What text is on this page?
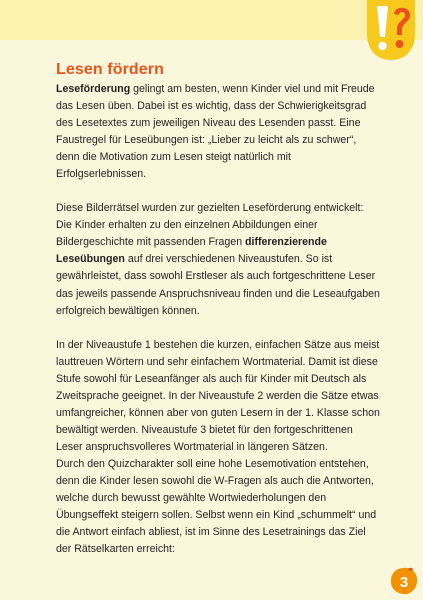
Lesen fördern

Leseförderung gelingt am besten, wenn Kinder viel und mit Freude das Lesen üben. Dabei ist es wichtig, dass der Schwierigkeitsgrad des Lesetextes zum jeweiligen Niveau des Lesenden passt. Eine Faustregel für Leseübungen ist: „Lieber zu leicht als zu schwer“, denn die Motivation zum Lesen steigt natürlich mit Erfolgserlebnissen.

Diese Bilderrätsel wurden zur gezielten Leseförderung entwickelt: Die Kinder erhalten zu den einzelnen Abbildungen einer Bildergeschichte mit passenden Fragen differenzierende Leseübungen auf drei verschiedenen Niveaustufen. So ist gewährleistet, dass sowohl Erstleser als auch fortgeschrittene Leser das jeweils passende Anspruchsniveau finden und die Leseaufgaben erfolgreich bewältigen können.

In der Niveaustufe 1 bestehen die kurzen, einfachen Sätze aus meist lauttreuen Wörtern und sehr einfachem Wortmaterial. Damit ist diese Stufe sowohl für Leseanfänger als auch für Kinder mit Deutsch als Zweitsprache geeignet. In der Niveaustufe 2 werden die Sätze etwas umfangreicher, können aber von guten Lesern in der 1. Klasse schon bewältigt werden. Niveaustufe 3 bietet für den fortgeschrittenen Leser anspruchsvolleres Wortmaterial in längeren Sätzen.

Durch den Quizcharakter soll eine hohe Lesemotivation entstehen, denn die Kinder lesen sowohl die W-Fragen als auch die Antworten, welche durch bewusst gewählte Wortwiederholungen den Übungseffekt steigern sollen. Selbst wenn ein Kind „schummelt“ und die Antwort einfach abliest, ist im Sinne des Lesetrainings das Ziel der Rätselkarten erreicht:

3
